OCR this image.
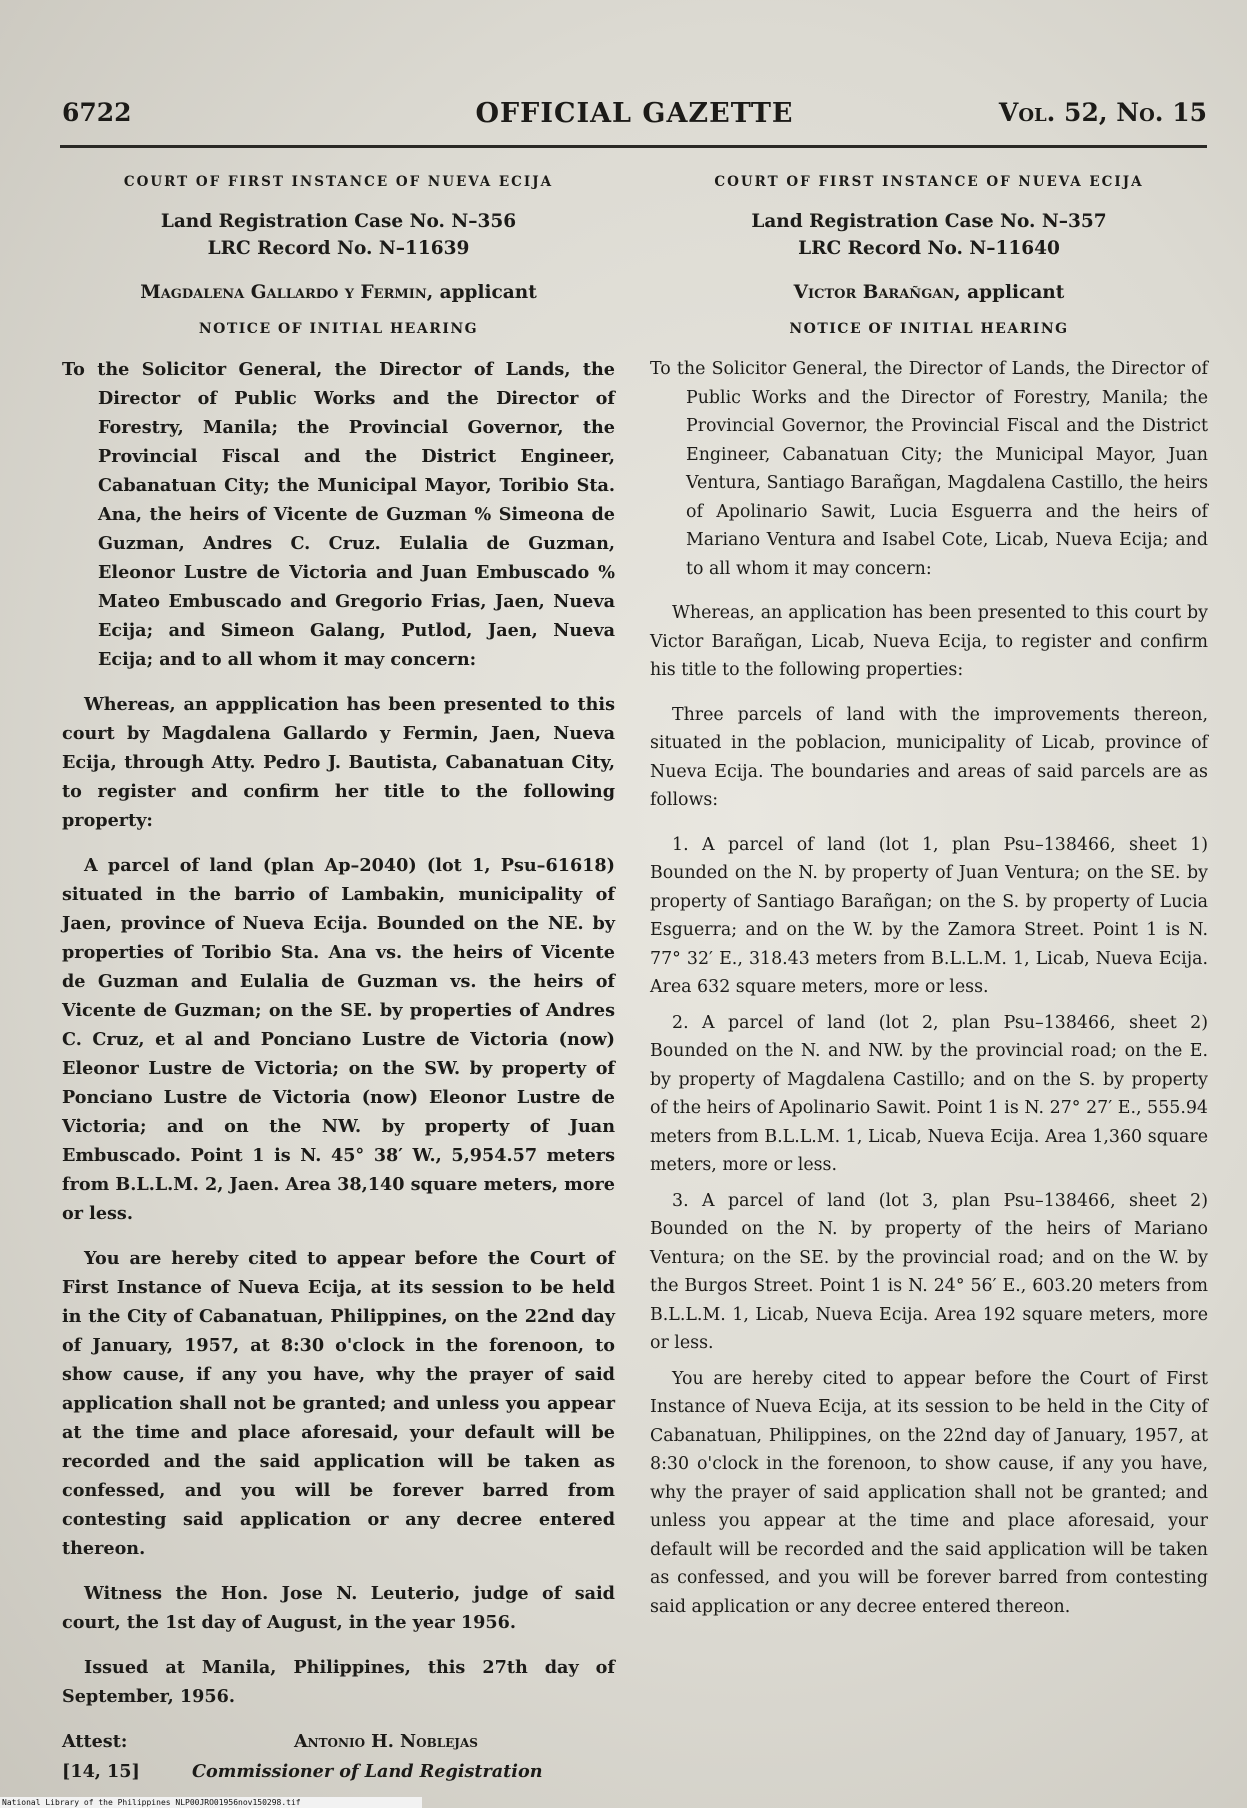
6722	OFFICIAL GAZETTE	Vol. 52, No. 15
COURT OF FIRST INSTANCE OF NUEVA ECIJA
Land Registration Case No. N–356
LRC Record No. N–11639
Magdalena Gallardo y Fermin, applicant
NOTICE OF INITIAL HEARING
To the Solicitor General, the Director of Lands, the Director of Public Works and the Director of Forestry, Manila; the Provincial Governor, the Provincial Fiscal and the District Engineer, Cabanatuan City; the Municipal Mayor, Toribio Sta. Ana, the heirs of Vicente de Guzman % Simeona de Guzman, Andres C. Cruz. Eulalia de Guzman, Eleonor Lustre de Victoria and Juan Embuscado % Mateo Embuscado and Gregorio Frias, Jaen, Nueva Ecija; and Simeon Galang, Putlod, Jaen, Nueva Ecija; and to all whom it may concern:

Whereas, an appplication has been presented to this court by Magdalena Gallardo y Fermin, Jaen, Nueva Ecija, through Atty. Pedro J. Bautista, Cabanatuan City, to register and confirm her title to the following property:

A parcel of land (plan Ap–2040) (lot 1, Psu–61618) situated in the barrio of Lambakin, municipality of Jaen, province of Nueva Ecija. Bounded on the NE. by properties of Toribio Sta. Ana vs. the heirs of Vicente de Guzman and Eulalia de Guzman vs. the heirs of Vicente de Guzman; on the SE. by properties of Andres C. Cruz, et al and Ponciano Lustre de Victoria (now) Eleonor Lustre de Victoria; on the SW. by property of Ponciano Lustre de Victoria (now) Eleonor Lustre de Victoria; and on the NW. by property of Juan Embuscado. Point 1 is N. 45° 38′ W., 5,954.57 meters from B.L.L.M. 2, Jaen. Area 38,140 square meters, more or less.

You are hereby cited to appear before the Court of First Instance of Nueva Ecija, at its session to be held in the City of Cabanatuan, Philippines, on the 22nd day of January, 1957, at 8:30 o'clock in the forenoon, to show cause, if any you have, why the prayer of said application shall not be granted; and unless you appear at the time and place aforesaid, your default will be recorded and the said application will be taken as confessed, and you will be forever barred from contesting said application or any decree entered thereon.

Witness the Hon. Jose N. Leuterio, judge of said court, the 1st day of August, in the year 1956.

Issued at Manila, Philippines, this 27th day of September, 1956.

Attest:
[14, 15]
Antonio H. Noblejas
Commissioner of Land Registration
COURT OF FIRST INSTANCE OF NUEVA ECIJA
Land Registration Case No. N–357
LRC Record No. N–11640
Victor Barañgan, applicant
NOTICE OF INITIAL HEARING
To the Solicitor General, the Director of Lands, the Director of Public Works and the Director of Forestry, Manila; the Provincial Governor, the Provincial Fiscal and the District Engineer, Cabanatuan City; the Municipal Mayor, Juan Ventura, Santiago Barañgan, Magdalena Castillo, the heirs of Apolinario Sawit, Lucia Esguerra and the heirs of Mariano Ventura and Isabel Cote, Licab, Nueva Ecija; and to all whom it may concern:

Whereas, an application has been presented to this court by Victor Barañgan, Licab, Nueva Ecija, to register and confirm his title to the following properties:

Three parcels of land with the improvements thereon, situated in the poblacion, municipality of Licab, province of Nueva Ecija. The boundaries and areas of said parcels are as follows:

1. A parcel of land (lot 1, plan Psu–138466, sheet 1) Bounded on the N. by property of Juan Ventura; on the SE. by property of Santiago Barañgan; on the S. by property of Lucia Esguerra; and on the W. by the Zamora Street. Point 1 is N. 77° 32′ E., 318.43 meters from B.L.L.M. 1, Licab, Nueva Ecija. Area 632 square meters, more or less.

2. A parcel of land (lot 2, plan Psu–138466, sheet 2) Bounded on the N. and NW. by the provincial road; on the E. by property of Magdalena Castillo; and on the S. by property of the heirs of Apolinario Sawit. Point 1 is N. 27° 27′ E., 555.94 meters from B.L.L.M. 1, Licab, Nueva Ecija. Area 1,360 square meters, more or less.

3. A parcel of land (lot 3, plan Psu–138466, sheet 2) Bounded on the N. by property of the heirs of Mariano Ventura; on the SE. by the provincial road; and on the W. by the Burgos Street. Point 1 is N. 24° 56′ E., 603.20 meters from B.L.L.M. 1, Licab, Nueva Ecija. Area 192 square meters, more or less.

You are hereby cited to appear before the Court of First Instance of Nueva Ecija, at its session to be held in the City of Cabanatuan, Philippines, on the 22nd day of January, 1957, at 8:30 o'clock in the forenoon, to show cause, if any you have, why the prayer of said application shall not be granted; and unless you appear at the time and place aforesaid, your default will be recorded and the said application will be taken as confessed, and you will be forever barred from contesting said application or any decree entered thereon.

National Library of the Philippines NLP00JRO01956nov150298.tif
